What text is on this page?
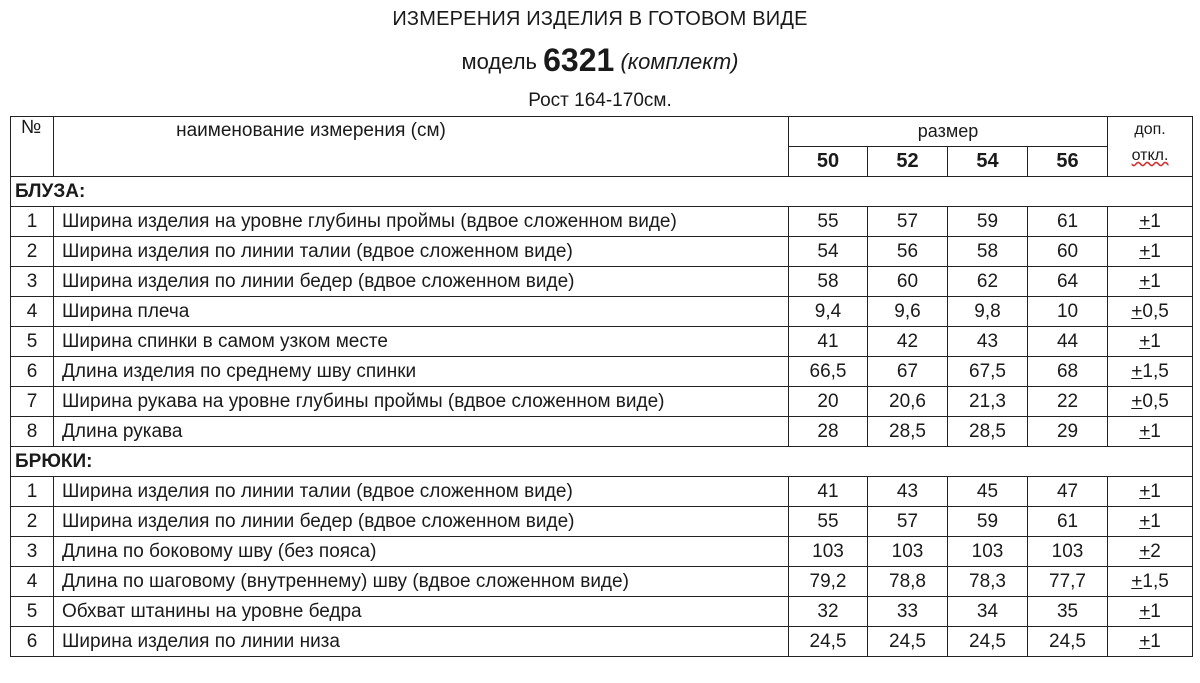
ИЗМЕРЕНИЯ ИЗДЕЛИЯ В ГОТОВОМ ВИДЕ
модель 6321 (комплект)
Рост 164-170см.
№	наименование измерения (см)	размер				доп.
откл.
		50	52	54	56	
БЛУЗА:						
1	Ширина изделия на уровне глубины проймы (вдвое сложенном виде)	55	57	59	61	+1
2	Ширина изделия по линии талии (вдвое сложенном виде)	54	56	58	60	+1
3	Ширина изделия по линии бедер (вдвое сложенном виде)	58	60	62	64	+1
4	Ширина плеча	9,4	9,6	9,8	10	+0,5
5	Ширина спинки в самом узком месте	41	42	43	44	+1
6	Длина изделия по среднему шву спинки	66,5	67	67,5	68	+1,5
7	Ширина рукава на уровне глубины проймы (вдвое сложенном виде)	20	20,6	21,3	22	+0,5
8	Длина рукава	28	28,5	28,5	29	+1
БРЮКИ:						
1	Ширина изделия по линии талии (вдвое сложенном виде)	41	43	45	47	+1
2	Ширина изделия по линии бедер (вдвое сложенном виде)	55	57	59	61	+1
3	Длина по боковому шву (без пояса)	103	103	103	103	+2
4	Длина по шаговому (внутреннему) шву (вдвое сложенном виде)	79,2	78,8	78,3	77,7	+1,5
5	Обхват штанины на уровне бедра	32	33	34	35	+1
6	Ширина изделия по линии низа	24,5	24,5	24,5	24,5	+1
